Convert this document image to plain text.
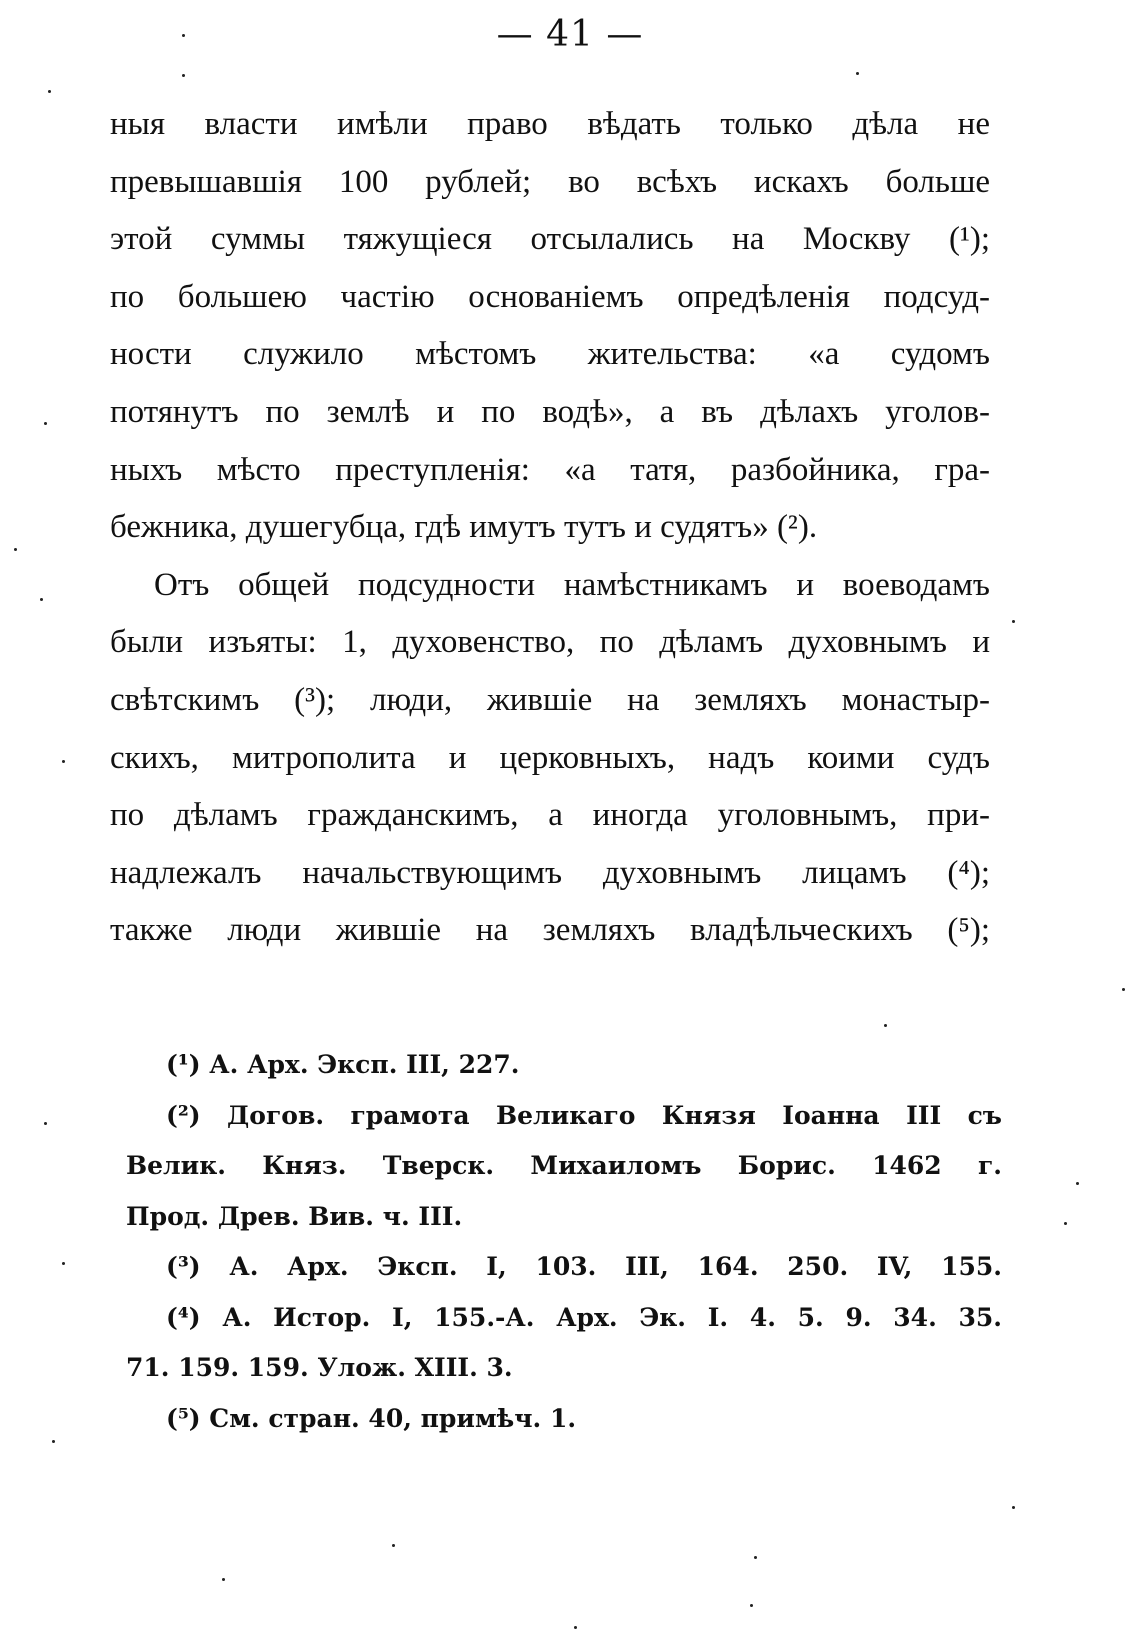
— 41 —
ныя власти имѣли право вѣдать только дѣла не
превышавшія 100 рублей; во всѣхъ искахъ больше
этой суммы тяжущіеся отсылались на Москву (¹);
по большею частію основаніемъ опредѣленія подсуд-
ности служило мѣстомъ жительства: «а судомъ
потянутъ по землѣ и по водѣ», а въ дѣлахъ уголов-
ныхъ мѣсто преступленія: «а татя, разбойника, гра-
бежника, душегубца, гдѣ имутъ тутъ и судятъ» (²).
Отъ общей подсудности намѣстникамъ и воеводамъ
были изъяты: 1, духовенство, по дѣламъ духовнымъ и
свѣтскимъ (³); люди, жившіе на земляхъ монастыр-
скихъ, митрополита и церковныхъ, надъ коими судъ
по дѣламъ гражданскимъ, а иногда уголовнымъ, при-
надлежалъ начальствующимъ духовнымъ лицамъ (⁴);
также люди жившіе на земляхъ владѣльческихъ (⁵);
(¹) А. Арх. Эксп. III, 227.
(²) Догов. грамота Великаго Князя Іоанна III съ
Велик. Княз. Тверск. Михаиломъ Борис. 1462 г.
Прод. Древ. Вив. ч. III.
(³) А. Арх. Эксп. I, 103. III, 164. 250. IV, 155.
(⁴) А. Истор. I, 155.-А. Арх. Эк. I. 4. 5. 9. 34. 35.
71. 159. 159. Улож. XIII. 3.
(⁵) См. стран. 40, примѣч. 1.
